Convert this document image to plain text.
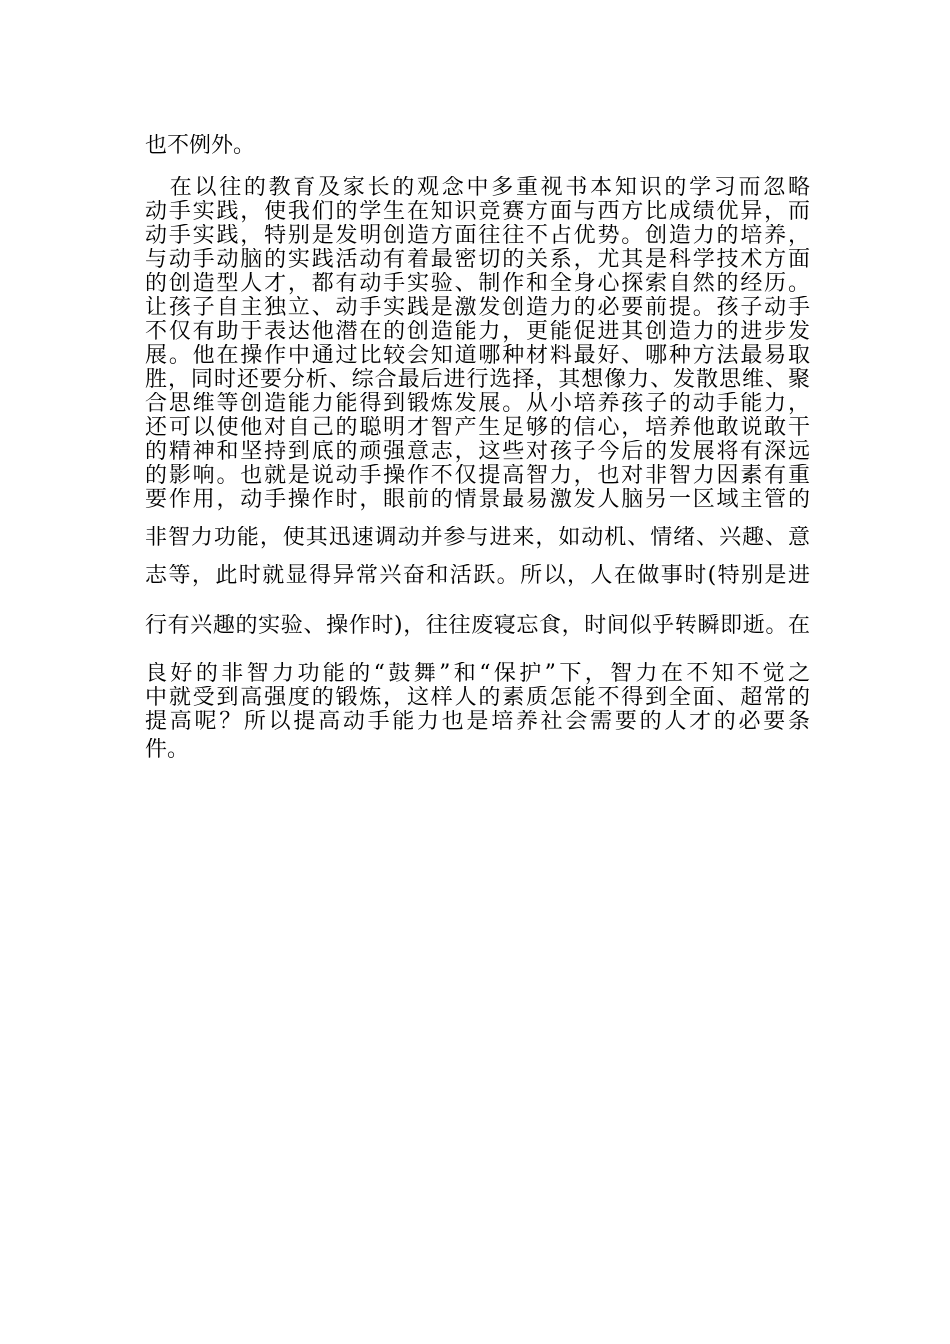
也不例外。
　在以往的教育及家长的观念中多重视书本知识的学习而忽略
动手实践，使我们的学生在知识竞赛方面与西方比成绩优异，而
动手实践，特别是发明创造方面往往不占优势。创造力的培养，
与动手动脑的实践活动有着最密切的关系，尤其是科学技术方面
的创造型人才，都有动手实验、制作和全身心探索自然的经历。
让孩子自主独立、动手实践是激发创造力的必要前提。孩子动手
不仅有助于表达他潜在的创造能力，更能促进其创造力的进步发
展。他在操作中通过比较会知道哪种材料最好、哪种方法最易取
胜，同时还要分析、综合最后进行选择，其想像力、发散思维、聚
合思维等创造能力能得到锻炼发展。从小培养孩子的动手能力，
还可以使他对自己的聪明才智产生足够的信心，培养他敢说敢干
的精神和坚持到底的顽强意志，这些对孩子今后的发展将有深远
的影响。也就是说动手操作不仅提高智力，也对非智力因素有重
要作用，动手操作时，眼前的情景最易激发人脑另一区域主管的
非智力功能，使其迅速调动并参与进来，如动机、情绪、兴趣、意
志等，此时就显得异常兴奋和活跃。所以，人在做事时(特别是进
行有兴趣的实验、操作时)，往往废寝忘食，时间似乎转瞬即逝。在
良好的非智力功能的“鼓舞”和“保护”下，智力在不知不觉之
中就受到高强度的锻炼，这样人的素质怎能不得到全面、超常的
提高呢？所以提高动手能力也是培养社会需要的人才的必要条
件。
